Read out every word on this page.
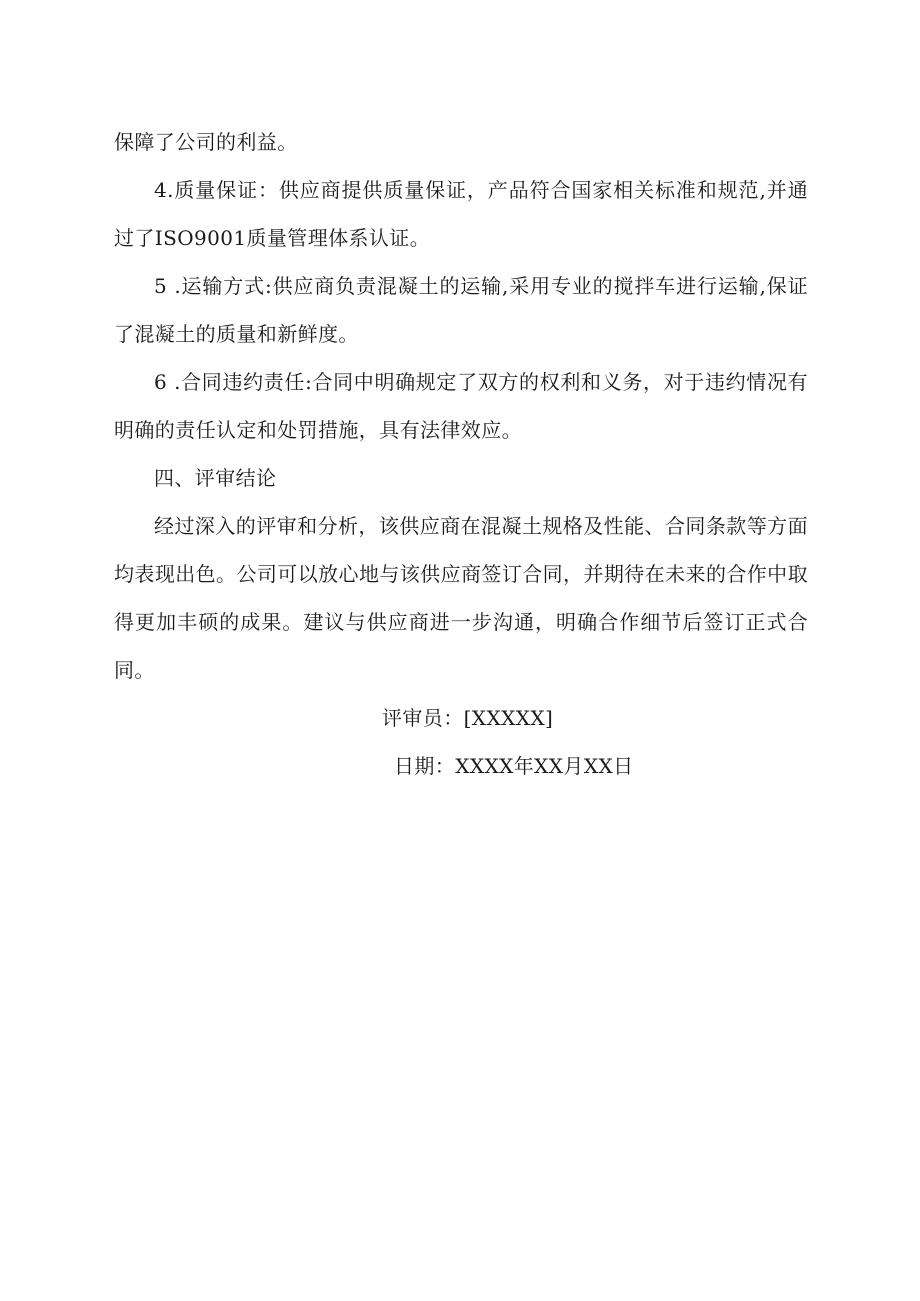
保障了公司的利益。

4.质量保证：供应商提供质量保证，产品符合国家相关标准和规范,并通过了ISO9001质量管理体系认证。

5 .运输方式:供应商负责混凝土的运输,采用专业的搅拌车进行运输,保证了混凝土的质量和新鲜度。

6 .合同违约责任:合同中明确规定了双方的权利和义务，对于违约情况有明确的责任认定和处罚措施，具有法律效应。

四、评审结论

经过深入的评审和分析，该供应商在混凝土规格及性能、合同条款等方面均表现出色。公司可以放心地与该供应商签订合同，并期待在未来的合作中取得更加丰硕的成果。建议与供应商进一步沟通，明确合作细节后签订正式合同。

评审员：[XXXXX]

日期：XXXX年XX月XX日
